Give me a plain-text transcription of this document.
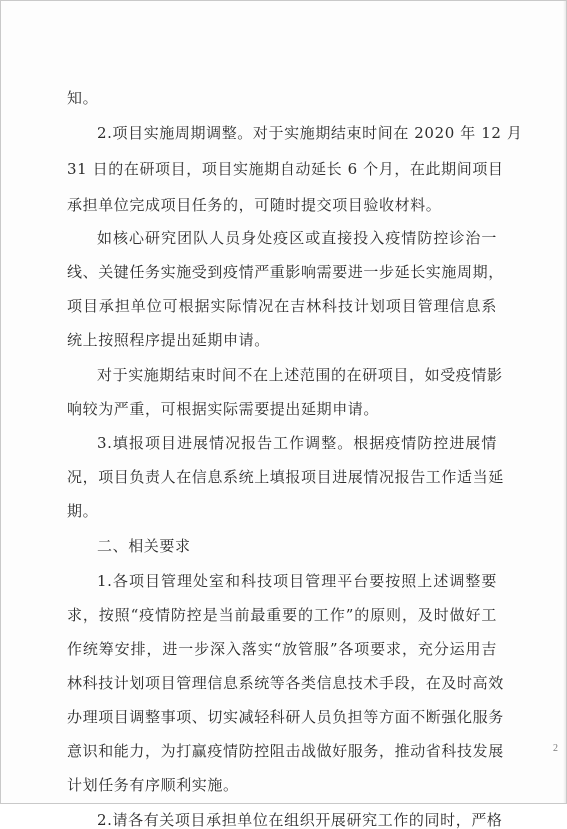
知。
2.项目实施周期调整。对于实施期结束时间在 2020 年 12 月
31 日的在研项目，项目实施期自动延长 6 个月，在此期间项目
承担单位完成项目任务的，可随时提交项目验收材料。
如核心研究团队人员身处疫区或直接投入疫情防控诊治一
线、关键任务实施受到疫情严重影响需要进一步延长实施周期，
项目承担单位可根据实际情况在吉林科技计划项目管理信息系
统上按照程序提出延期申请。
对于实施期结束时间不在上述范围的在研项目，如受疫情影
响较为严重，可根据实际需要提出延期申请。
3.填报项目进展情况报告工作调整。根据疫情防控进展情
况，项目负责人在信息系统上填报项目进展情况报告工作适当延
期。
二、相关要求
1.各项目管理处室和科技项目管理平台要按照上述调整要
求，按照“疫情防控是当前最重要的工作”的原则，及时做好工
作统筹安排，进一步深入落实“放管服”各项要求，充分运用吉
林科技计划项目管理信息系统等各类信息技术手段，在及时高效
办理项目调整事项、切实减轻科研人员负担等方面不断强化服务
意识和能力，为打赢疫情防控阻击战做好服务，推动省科技发展
计划任务有序顺利实施。
2.请各有关项目承担单位在组织开展研究工作的同时，严格
2
